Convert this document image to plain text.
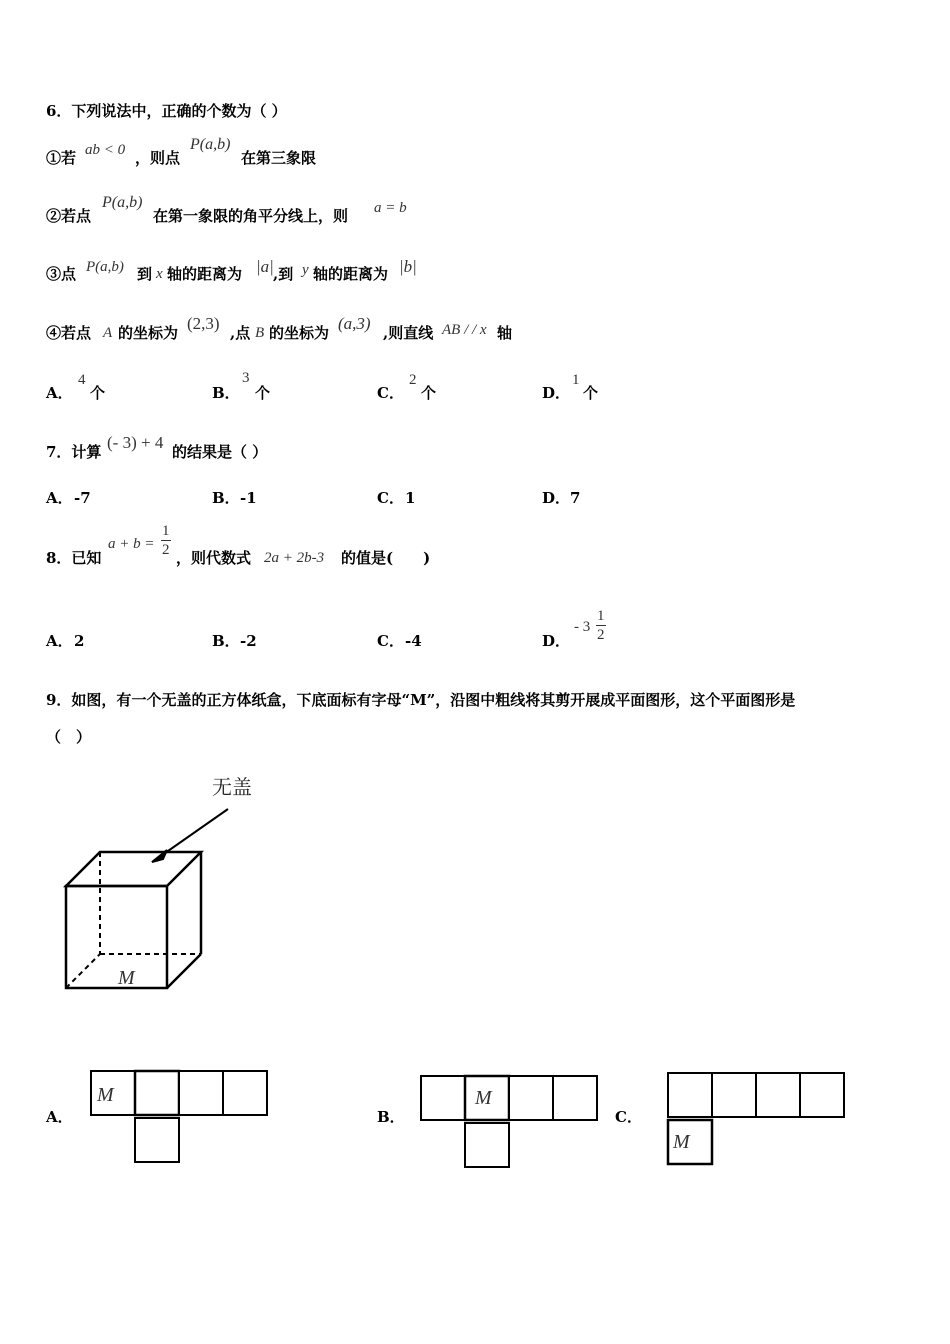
6．下列说法中，正确的个数为（ ）
①若 ab < 0 ，则点
P(a,b)
在第三象限
②若点
P(a,b)
在第一象限的角平分线上，则 a = b
③点 P(a,b) 到 x 轴的距离为 |a| ,到 y 轴的距离为 |b|
④若点 A 的坐标为 (2,3) ,点 B 的坐标为 (a,3) ,则直线 AB / / x 轴
A．
4
个	B．
3
个	C．
2
个	D．
1
个
7．计算 (- 3) + 4 的结果是（ ）
A． -7	B． -1	C． 1	D． 7
8．已知
$a + b = \frac{1}{2}$ ，则代数式 2a + 2b-3 的值是(　　)
A． 2	B． -2	C． -4	D．
- $3 \frac{1}{2}$
9．如图，有一个无盖的正方体纸盒，下底面标有字母“M”，沿图中粗线将其剪开展成平面图形，这个平面图形是
（　）
无盖
M
M	M
M
A．	B．	C．
